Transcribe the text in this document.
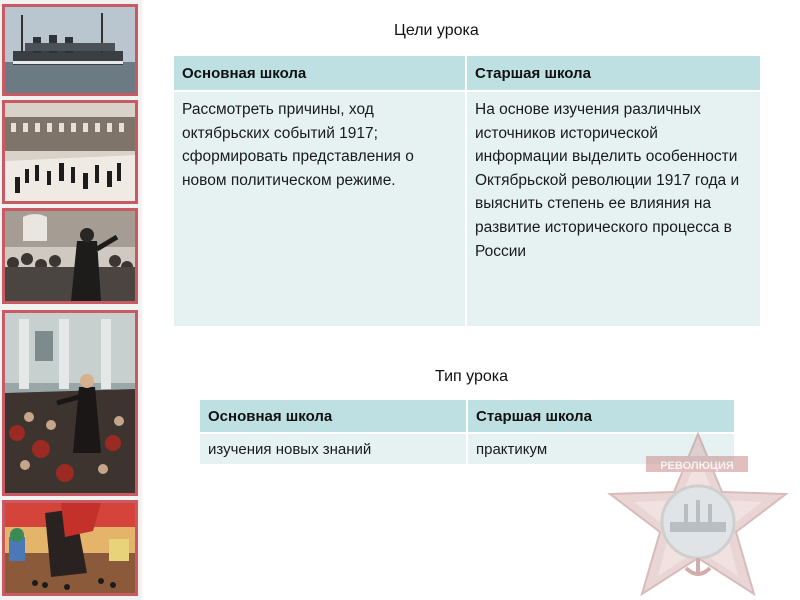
Цели урока
Основная школа	Старшая школа
Рассмотреть причины, ход октябрьских событий 1917; сформировать представления о новом политическом режиме.	На основе изучения различных источников исторической информации выделить особенности Октябрьской революции 1917 года и выяснить степень ее влияния на развитие исторического процесса в России
Тип урока
Основная школа	Старшая школа
изучения новых знаний	практикум
РЕВОЛЮЦИЯ
